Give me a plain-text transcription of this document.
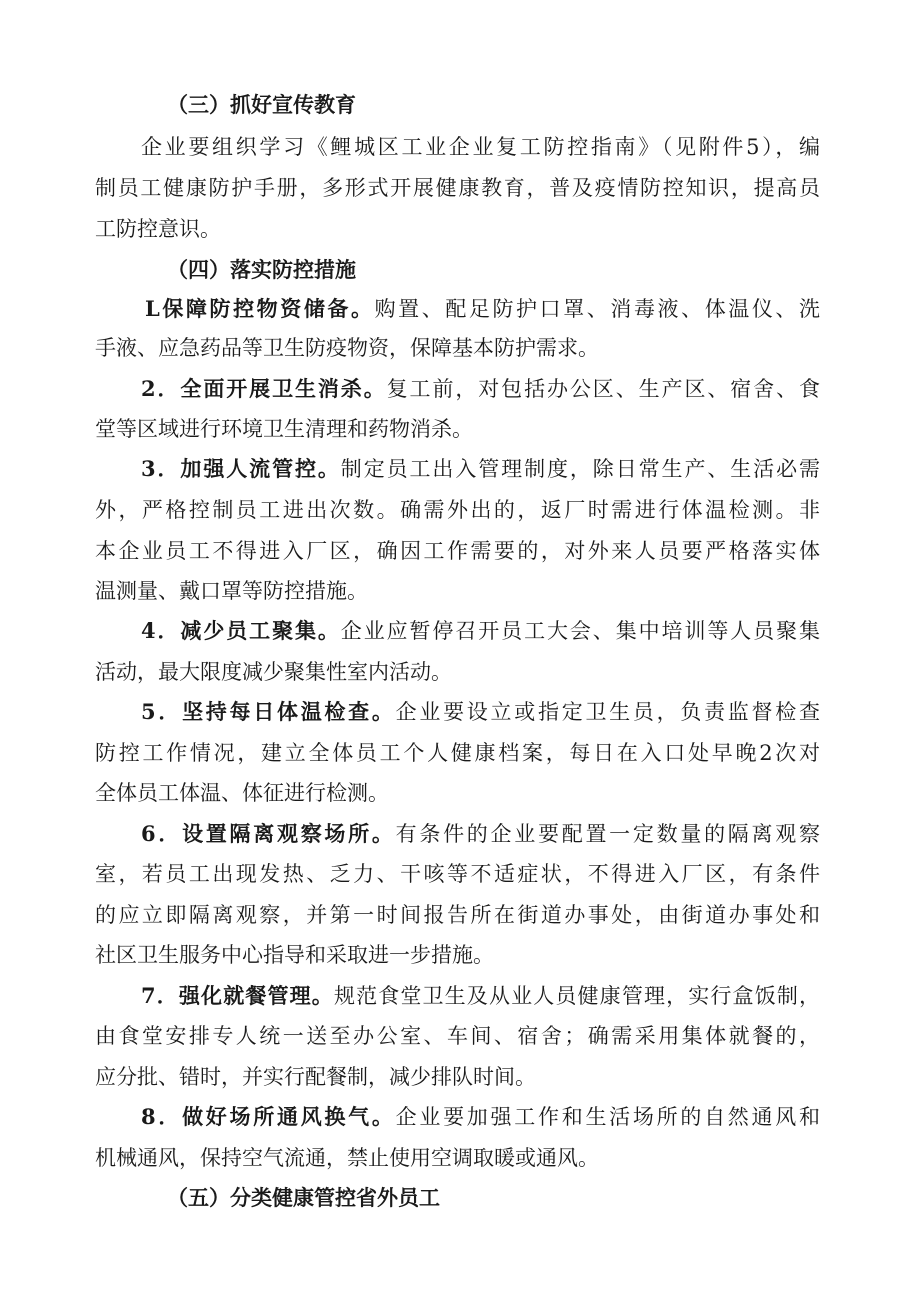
（三）抓好宣传教育
企业要组织学习《鲤城区工业企业复工防控指南》（见附件5），编
制员工健康防护手册，多形式开展健康教育，普及疫情防控知识，提高员
工防控意识。
（四）落实防控措施
L保障防控物资储备。购置、配足防护口罩、消毒液、体温仪、洗
手液、应急药品等卫生防疫物资，保障基本防护需求。
2．全面开展卫生消杀。复工前，对包括办公区、生产区、宿舍、食
堂等区域进行环境卫生清理和药物消杀。
3．加强人流管控。制定员工出入管理制度，除日常生产、生活必需
外，严格控制员工进出次数。确需外出的，返厂时需进行体温检测。非
本企业员工不得进入厂区，确因工作需要的，对外来人员要严格落实体
温测量、戴口罩等防控措施。
4．减少员工聚集。企业应暂停召开员工大会、集中培训等人员聚集
活动，最大限度减少聚集性室内活动。
5．坚持每日体温检查。企业要设立或指定卫生员，负责监督检查
防控工作情况，建立全体员工个人健康档案，每日在入口处早晚2次对
全体员工体温、体征进行检测。
6．设置隔离观察场所。有条件的企业要配置一定数量的隔离观察
室，若员工出现发热、乏力、干咳等不适症状，不得进入厂区，有条件
的应立即隔离观察，并第一时间报告所在街道办事处，由街道办事处和
社区卫生服务中心指导和采取进一步措施。
7．强化就餐管理。规范食堂卫生及从业人员健康管理，实行盒饭制，
由食堂安排专人统一送至办公室、车间、宿舍；确需采用集体就餐的，
应分批、错时，并实行配餐制，减少排队时间。
8．做好场所通风换气。企业要加强工作和生活场所的自然通风和
机械通风，保持空气流通，禁止使用空调取暖或通风。
（五）分类健康管控省外员工
